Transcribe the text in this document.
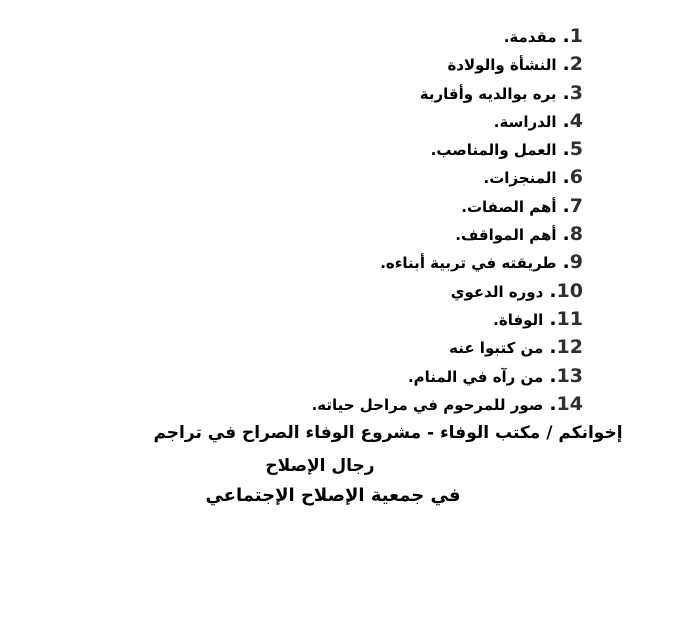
1
.
مقدمة.
2
.
النشأة والولادة
3
.
بره بوالديه وأقاربة
4
.
الدراسة.
5
.
العمل والمناصب.
6
.
المنجزات.
7
.
أهم الصفات.
8
.
أهم المواقف.
9
.
طريقته في تربية أبناءه.
10
.
دوره الدعوي
11
.
الوفاة.
12
.
من كتبوا عنه
13
.
من رآه في المنام.
14
.
صور للمرحوم في مراحل حياته.
إخوانكم / مكتب الوفاء - مشروع الوفاء الصراح في تراجم
رجال الإصلاح
في جمعية الإصلاح الإجتماعي
